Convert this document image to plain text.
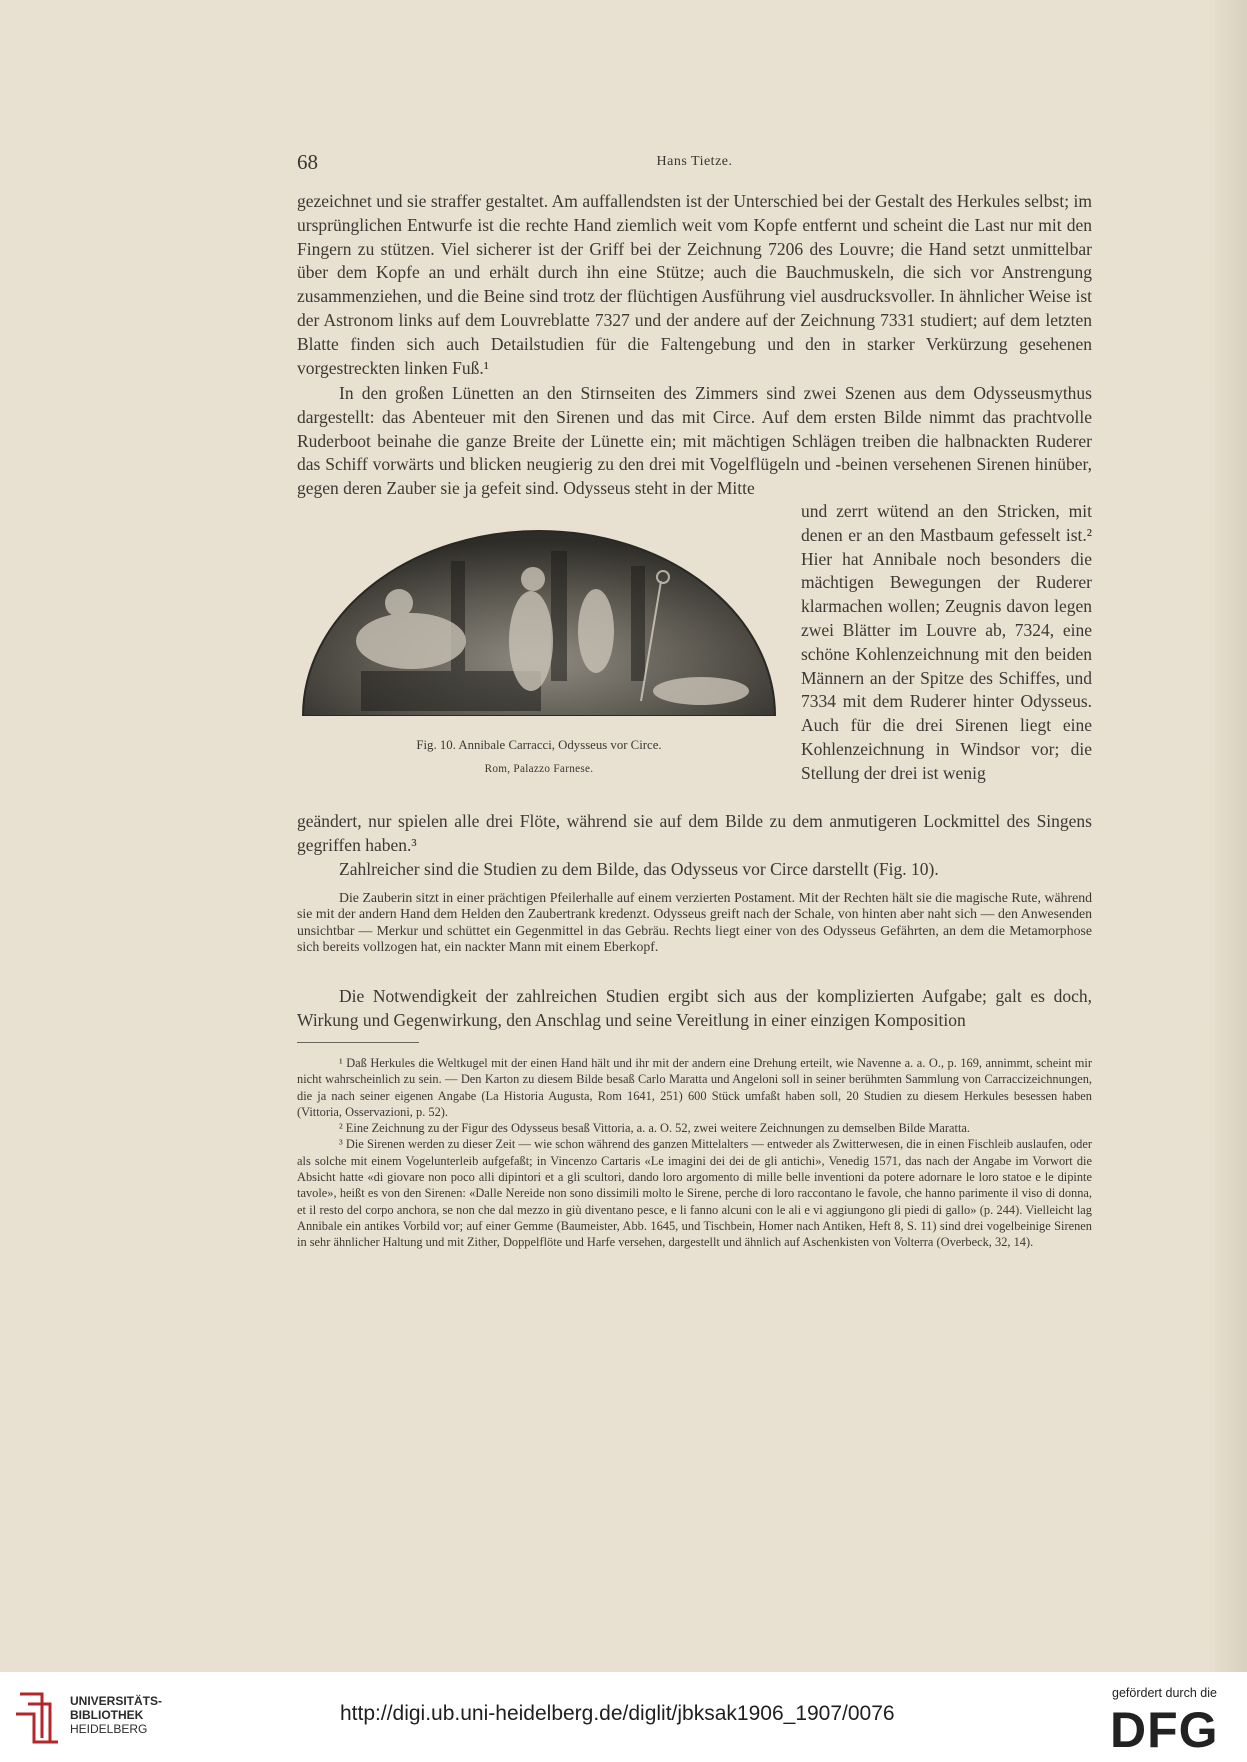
68	Hans Tietze.

gezeichnet und sie straffer gestaltet. Am auffallendsten ist der Unterschied bei der Gestalt des Herkules selbst; im ursprünglichen Entwurfe ist die rechte Hand ziemlich weit vom Kopfe entfernt und scheint die Last nur mit den Fingern zu stützen. Viel sicherer ist der Griff bei der Zeichnung 7206 des Louvre; die Hand setzt unmittelbar über dem Kopfe an und erhält durch ihn eine Stütze; auch die Bauchmuskeln, die sich vor Anstrengung zusammenziehen, und die Beine sind trotz der flüchtigen Ausführung viel ausdrucksvoller. In ähnlicher Weise ist der Astronom links auf dem Louvreblatte 7327 und der andere auf der Zeichnung 7331 studiert; auf dem letzten Blatte finden sich auch Detailstudien für die Faltengebung und den in starker Verkürzung gesehenen vorgestreckten linken Fuß.¹

In den großen Lünetten an den Stirnseiten des Zimmers sind zwei Szenen aus dem Odysseusmythus dargestellt: das Abenteuer mit den Sirenen und das mit Circe. Auf dem ersten Bilde nimmt das prachtvolle Ruderboot beinahe die ganze Breite der Lünette ein; mit mächtigen Schlägen treiben die halbnackten Ruderer das Schiff vorwärts und blicken neugierig zu den drei mit Vogelflügeln und -beinen versehenen Sirenen hinüber, gegen deren Zauber sie ja gefeit sind. Odysseus steht in der Mitte

und zerrt wütend an den Stricken, mit denen er an den Mastbaum gefesselt ist.² Hier hat Annibale noch besonders die mächtigen Bewegungen der Ruderer klarmachen wollen; Zeugnis davon legen zwei Blätter im Louvre ab, 7324, eine schöne Kohlenzeichnung mit den beiden Männern an der Spitze des Schiffes, und 7334 mit dem Ruderer hinter Odysseus. Auch für die drei Sirenen liegt eine Kohlenzeichnung in Windsor vor; die Stellung der drei ist wenig

Fig. 10. Annibale Carracci, Odysseus vor Circe.
Rom, Palazzo Farnese.

geändert, nur spielen alle drei Flöte, während sie auf dem Bilde zu dem anmutigeren Lockmittel des Singens gegriffen haben.³

Zahlreicher sind die Studien zu dem Bilde, das Odysseus vor Circe darstellt (Fig. 10).

Die Zauberin sitzt in einer prächtigen Pfeilerhalle auf einem verzierten Postament. Mit der Rechten hält sie die magische Rute, während sie mit der andern Hand dem Helden den Zaubertrank kredenzt. Odysseus greift nach der Schale, von hinten aber naht sich — den Anwesenden unsichtbar — Merkur und schüttet ein Gegenmittel in das Gebräu. Rechts liegt einer von des Odysseus Gefährten, an dem die Metamorphose sich bereits vollzogen hat, ein nackter Mann mit einem Eberkopf.

Die Notwendigkeit der zahlreichen Studien ergibt sich aus der komplizierten Aufgabe; galt es doch, Wirkung und Gegenwirkung, den Anschlag und seine Vereitlung in einer einzigen Komposition

¹ Daß Herkules die Weltkugel mit der einen Hand hält und ihr mit der andern eine Drehung erteilt, wie Navenne a. a. O., p. 169, annimmt, scheint mir nicht wahrscheinlich zu sein. — Den Karton zu diesem Bilde besaß Carlo Maratta und Angeloni soll in seiner berühmten Sammlung von Carraccizeichnungen, die ja nach seiner eigenen Angabe (La Historia Augusta, Rom 1641, 251) 600 Stück umfaßt haben soll, 20 Studien zu diesem Herkules besessen haben (Vittoria, Osservazioni, p. 52).

² Eine Zeichnung zu der Figur des Odysseus besaß Vittoria, a. a. O. 52, zwei weitere Zeichnungen zu demselben Bilde Maratta.

³ Die Sirenen werden zu dieser Zeit — wie schon während des ganzen Mittelalters — entweder als Zwitterwesen, die in einen Fischleib auslaufen, oder als solche mit einem Vogelunterleib aufgefaßt; in Vincenzo Cartaris «Le imagini dei dei de gli antichi», Venedig 1571, das nach der Angabe im Vorwort die Absicht hatte «di giovare non poco alli dipintori et a gli scultori, dando loro argomento di mille belle inventioni da potere adornare le loro statoe e le dipinte tavole», heißt es von den Sirenen: «Dalle Nereide non sono dissimili molto le Sirene, perche di loro raccontano le favole, che hanno parimente il viso di donna, et il resto del corpo anchora, se non che dal mezzo in giù diventano pesce, e li fanno alcuni con le ali e vi aggiungono gli piedi di gallo» (p. 244). Vielleicht lag Annibale ein antikes Vorbild vor; auf einer Gemme (Baumeister, Abb. 1645, und Tischbein, Homer nach Antiken, Heft 8, S. 11) sind drei vogelbeinige Sirenen in sehr ähnlicher Haltung und mit Zither, Doppelflöte und Harfe versehen, dargestellt und ähnlich auf Aschenkisten von Volterra (Overbeck, 32, 14).

UNIVERSITÄTS-
BIBLIOTHEK
HEIDELBERG
http://digi.ub.uni-heidelberg.de/diglit/jbksak1906_1907/0076
gefördert durch die
DFG
